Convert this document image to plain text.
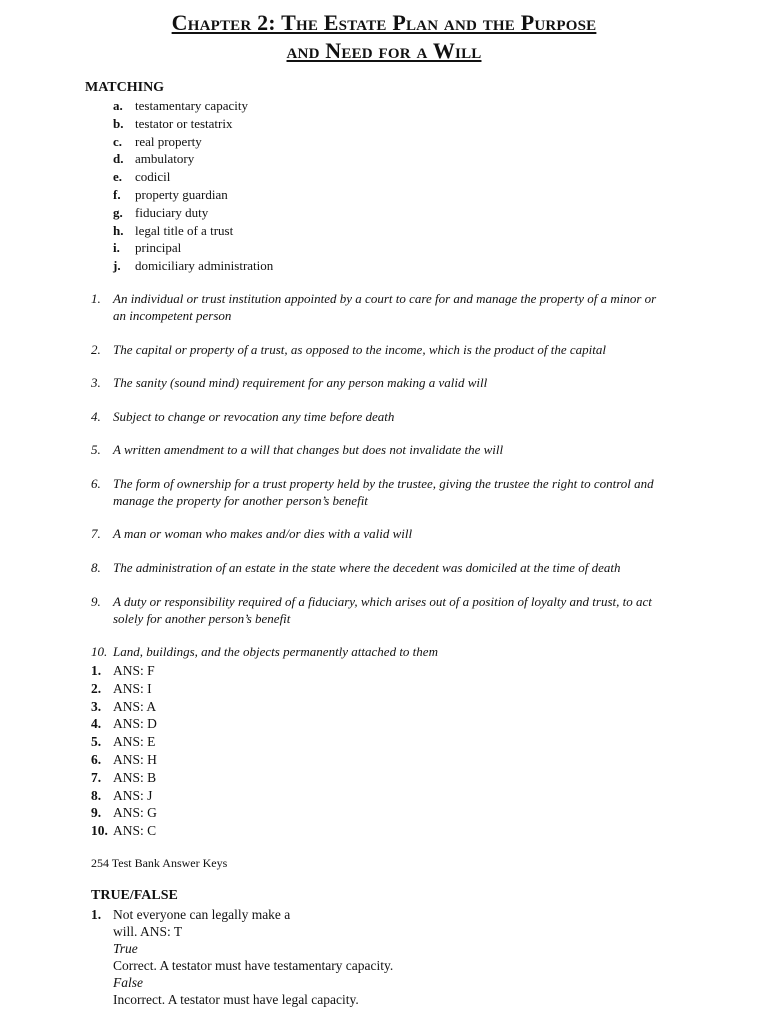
Chapter 2: The Estate Plan and the Purpose
and Need for a Will
MATCHING
a. testamentary capacity
b. testator or testatrix
c. real property
d. ambulatory
e. codicil
f.	property guardian
g. fiduciary duty
h. legal title of a trust
i.	principal
j.	domiciliary administration
1. An individual or trust institution appointed by a court to care for and manage the property of a minor or an incompetent person
2. The capital or property of a trust, as opposed to the income, which is the product of the capital
3. The sanity (sound mind) requirement for any person making a valid will
4. Subject to change or revocation any time before death
5. A written amendment to a will that changes but does not invalidate the will
6. The form of ownership for a trust property held by the trustee, giving the trustee the right to control and manage the property for another person’s benefit
7. A man or woman who makes and/or dies with a valid will
8. The administration of an estate in the state where the decedent was domiciled at the time of death
9. A duty or responsibility required of a fiduciary, which arises out of a position of loyalty and trust, to act solely for another person’s benefit
10. Land, buildings, and the objects permanently attached to them
1. ANS: F
2. ANS: I
3. ANS: A
4. ANS: D
5. ANS: E
6. ANS: H
7. ANS: B
8. ANS: J
9. ANS: G
10. ANS: C
254 Test Bank Answer Keys
TRUE/FALSE
1. Not everyone can legally make a
will. ANS: T
True
Correct. A testator must have testamentary capacity.
False
Incorrect. A testator must have legal capacity.
